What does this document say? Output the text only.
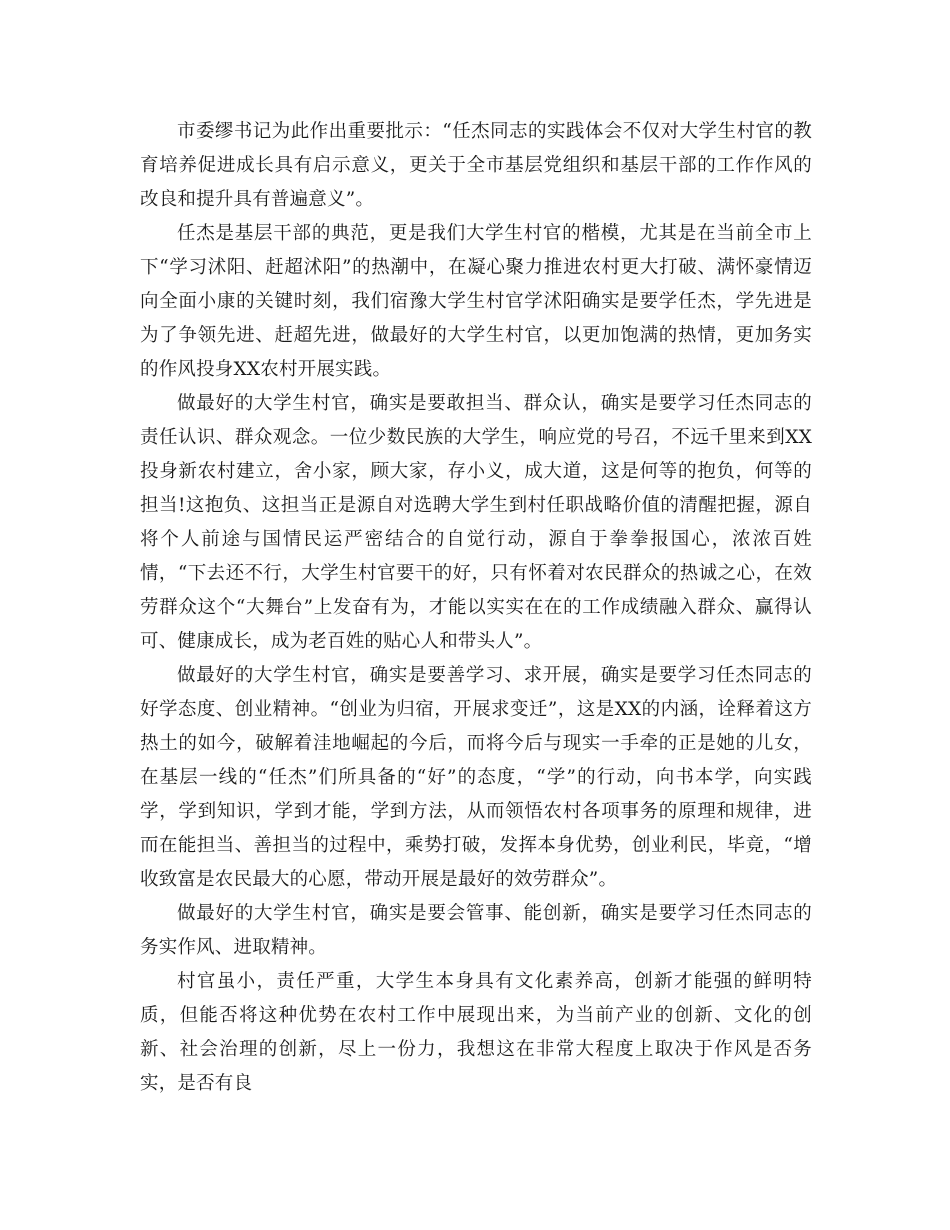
市委缪书记为此作出重要批示：“任杰同志的实践体会不仅对大学生村官的教育培养促进成长具有启示意义，更关于全市基层党组织和基层干部的工作作风的改良和提升具有普遍意义”。

任杰是基层干部的典范，更是我们大学生村官的楷模，尤其是在当前全市上下“学习沭阳、赶超沭阳”的热潮中，在凝心聚力推进农村更大打破、满怀豪情迈向全面小康的关键时刻，我们宿豫大学生村官学沭阳确实是要学任杰，学先进是为了争领先进、赶超先进，做最好的大学生村官，以更加饱满的热情，更加务实的作风投身XX农村开展实践。

做最好的大学生村官，确实是要敢担当、群众认，确实是要学习任杰同志的责任认识、群众观念。一位少数民族的大学生，响应党的号召，不远千里来到XX投身新农村建立，舍小家，顾大家，存小义，成大道，这是何等的抱负，何等的担当!这抱负、这担当正是源自对选聘大学生到村任职战略价值的清醒把握，源自将个人前途与国情民运严密结合的自觉行动，源自于拳拳报国心，浓浓百姓情，“下去还不行，大学生村官要干的好，只有怀着对农民群众的热诚之心，在效劳群众这个“大舞台”上发奋有为，才能以实实在在的工作成绩融入群众、赢得认可、健康成长，成为老百姓的贴心人和带头人”。

做最好的大学生村官，确实是要善学习、求开展，确实是要学习任杰同志的好学态度、创业精神。“创业为归宿，开展求变迁”，这是XX的内涵，诠释着这方热土的如今，破解着洼地崛起的今后，而将今后与现实一手牵的正是她的儿女，在基层一线的“任杰”们所具备的“好”的态度，“学”的行动，向书本学，向实践学，学到知识，学到才能，学到方法，从而领悟农村各项事务的原理和规律，进而在能担当、善担当的过程中，乘势打破，发挥本身优势，创业利民，毕竟，“增收致富是农民最大的心愿，带动开展是最好的效劳群众”。

做最好的大学生村官，确实是要会管事、能创新，确实是要学习任杰同志的务实作风、进取精神。

村官虽小，责任严重，大学生本身具有文化素养高，创新才能强的鲜明特质，但能否将这种优势在农村工作中展现出来，为当前产业的创新、文化的创新、社会治理的创新，尽上一份力，我想这在非常大程度上取决于作风是否务实，是否有良
